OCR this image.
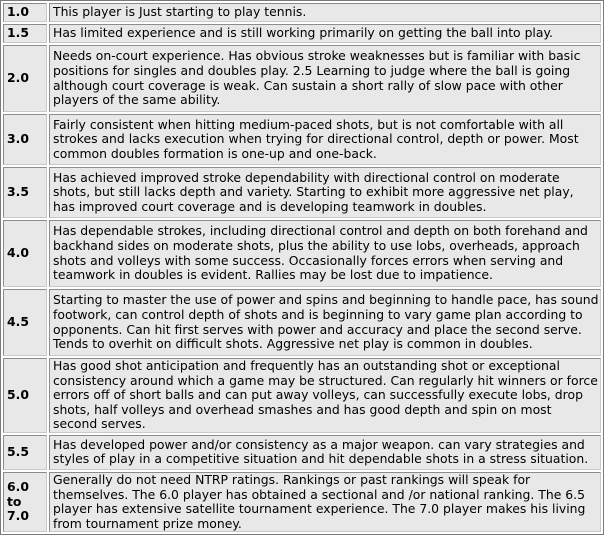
1.0	This player is Just starting to play tennis.
1.5	Has limited experience and is still working primarily on getting the ball into play.
2.0	Needs on-court experience. Has obvious stroke weaknesses but is familiar with basic positions for singles and doubles play. 2.5 Learning to judge where the ball is going although court coverage is weak. Can sustain a short rally of slow pace with other players of the same ability.
3.0	Fairly consistent when hitting medium-paced shots, but is not comfortable with all strokes and lacks execution when trying for directional control, depth or power. Most common doubles formation is one-up and one-back.
3.5	Has achieved improved stroke dependability with directional control on moderate shots, but still lacks depth and variety. Starting to exhibit more aggressive net play, has improved court coverage and is developing teamwork in doubles.
4.0	Has dependable strokes, including directional control and depth on both forehand and backhand sides on moderate shots, plus the ability to use lobs, overheads, approach shots and volleys with some success. Occasionally forces errors when serving and teamwork in doubles is evident. Rallies may be lost due to impatience.
4.5	Starting to master the use of power and spins and beginning to handle pace, has sound footwork, can control depth of shots and is beginning to vary game plan according to opponents. Can hit first serves with power and accuracy and place the second serve. Tends to overhit on difficult shots. Aggressive net play is common in doubles.
5.0	Has good shot anticipation and frequently has an outstanding shot or exceptional consistency around which a game may be structured. Can regularly hit winners or force errors off of short balls and can put away volleys, can successfully execute lobs, drop shots, half volleys and overhead smashes and has good depth and spin on most second serves.
5.5	Has developed power and/or consistency as a major weapon. can vary strategies and styles of play in a competitive situation and hit dependable shots in a stress situation.
6.0 to 7.0	Generally do not need NTRP ratings. Rankings or past rankings will speak for themselves. The 6.0 player has obtained a sectional and /or national ranking. The 6.5 player has extensive satellite tournament experience. The 7.0 player makes his living from tournament prize money.
